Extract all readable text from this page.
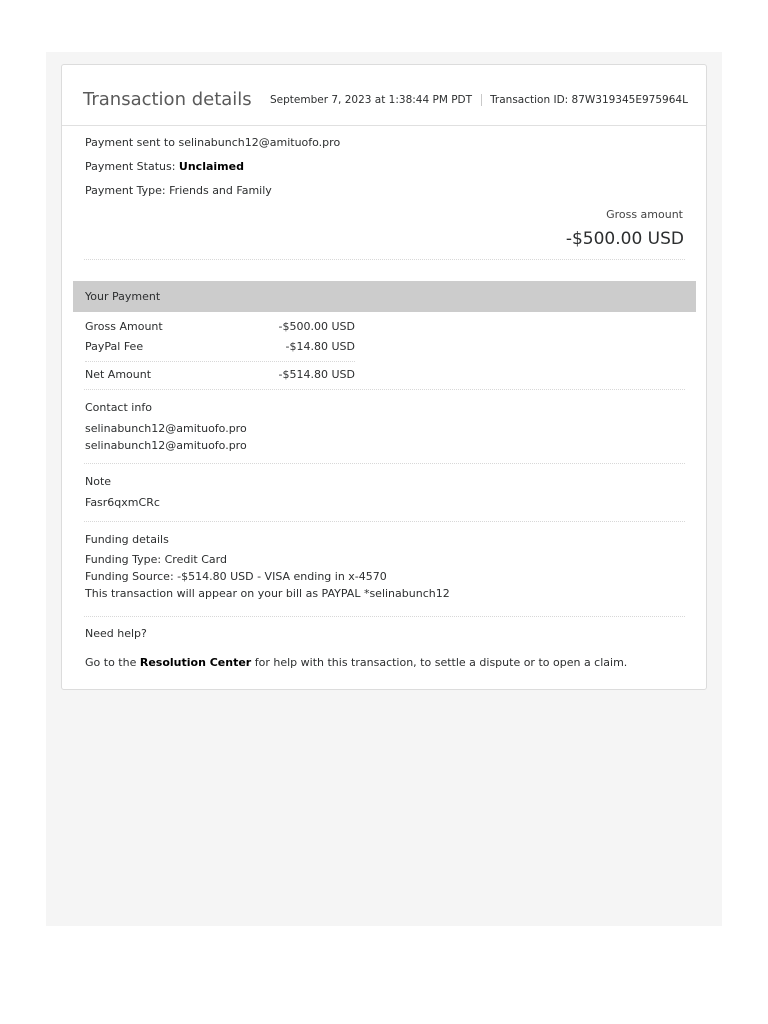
Transaction details September 7, 2023 at 1:38:44 PM PDT Transaction ID: 87W319345E975964L
Payment sent to selinabunch12@amituofo.pro
Payment Status: Unclaimed
Payment Type: Friends and Family
Gross amount
-$500.00 USD
Your Payment
Gross Amount	-$500.00 USD
PayPal Fee	-$14.80 USD
Net Amount	-$514.80 USD
Contact info
selinabunch12@amituofo.pro
selinabunch12@amituofo.pro
Note
Fasr6qxmCRc
Funding details
Funding Type: Credit Card
Funding Source: -$514.80 USD - VISA ending in x-4570
This transaction will appear on your bill as PAYPAL *selinabunch12
Need help?
Go to the Resolution Center for help with this transaction, to settle a dispute or to open a claim.
